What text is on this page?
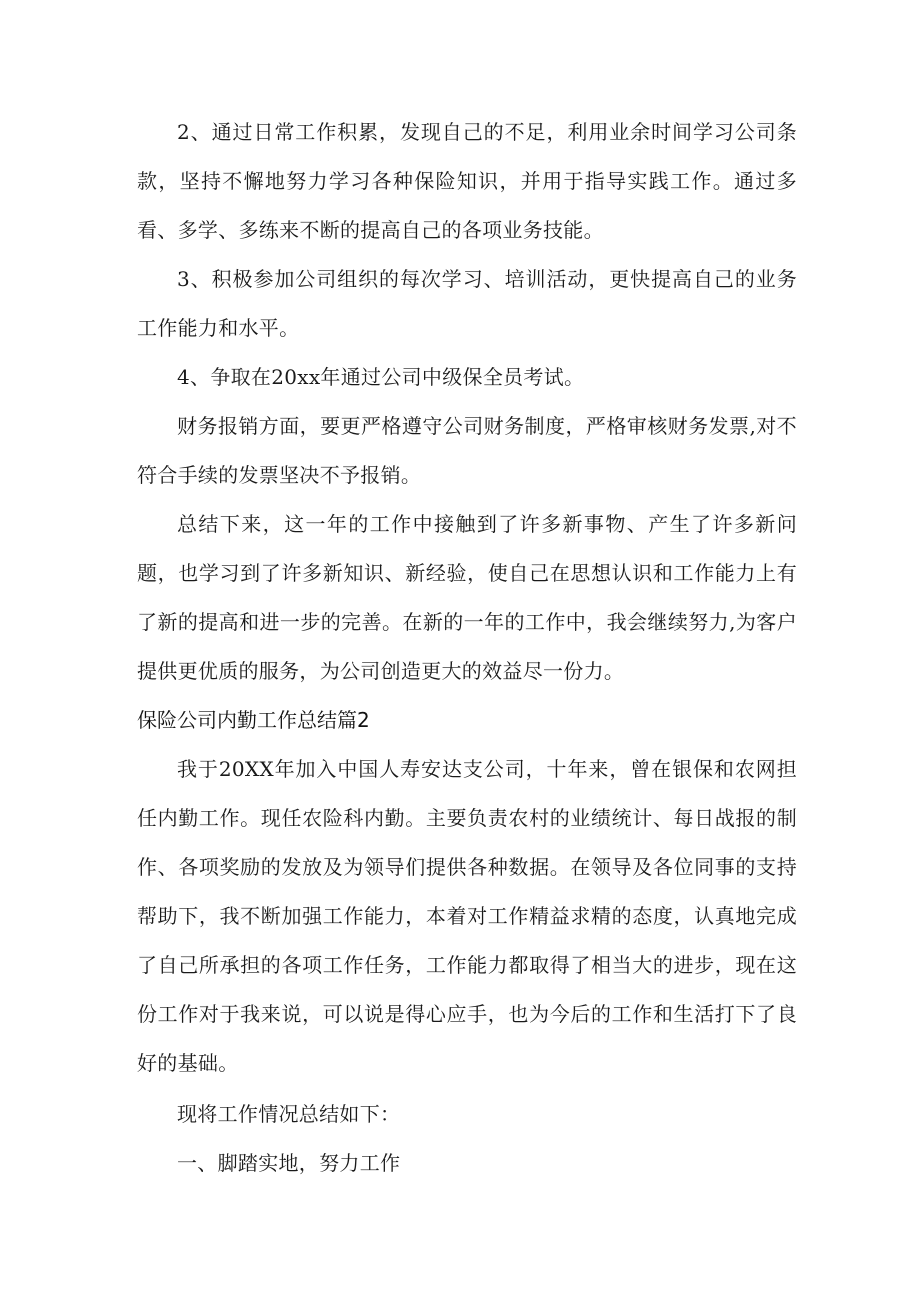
2、通过日常工作积累，发现自己的不足，利用业余时间学习公司条款，坚持不懈地努力学习各种保险知识，并用于指导实践工作。通过多看、多学、多练来不断的提高自己的各项业务技能。

3、积极参加公司组织的每次学习、培训活动，更快提高自己的业务工作能力和水平。

4、争取在20xx年通过公司中级保全员考试。

财务报销方面，要更严格遵守公司财务制度，严格审核财务发票,对不符合手续的发票坚决不予报销。

总结下来，这一年的工作中接触到了许多新事物、产生了许多新问题，也学习到了许多新知识、新经验，使自己在思想认识和工作能力上有了新的提高和进一步的完善。在新的一年的工作中，我会继续努力,为客户提供更优质的服务，为公司创造更大的效益尽一份力。

保险公司内勤工作总结篇2

我于20XX年加入中国人寿安达支公司，十年来，曾在银保和农网担任内勤工作。现任农险科内勤。主要负责农村的业绩统计、每日战报的制作、各项奖励的发放及为领导们提供各种数据。在领导及各位同事的支持帮助下，我不断加强工作能力，本着对工作精益求精的态度，认真地完成了自己所承担的各项工作任务，工作能力都取得了相当大的进步，现在这份工作对于我来说，可以说是得心应手，也为今后的工作和生活打下了良好的基础。

现将工作情况总结如下：

一、脚踏实地，努力工作
